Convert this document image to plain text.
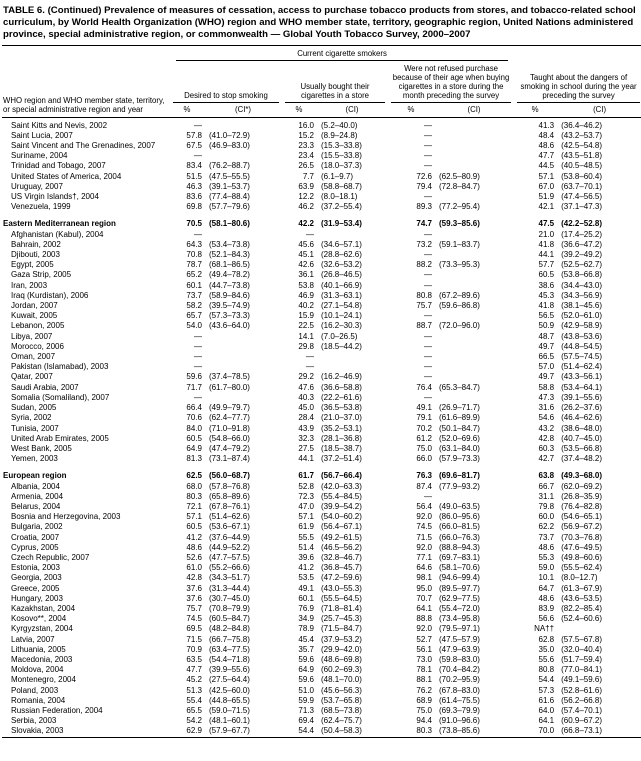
TABLE 6. (Continued) Prevalence of measures of cessation, access to purchase tobacco products from stores, and tobacco-related school curriculum, by World Health Organization (WHO) region and WHO member state, territory, geographic region, United Nations administered province, special administrative region, or commonwealth — Global Youth Tobacco Survey, 2000–2007
WHO region and WHO member state, territory, or special administrative region and year	Current cigarette smokers							

	Desired to stop smoking		Usually bought their cigarettes in a store		Were not refused purchase because of their age when buying cigarettes in a store during the month preceding the survey		Taught about the dangers of smoking in school during the year preceding the survey	

	%	(CI*)	%	(CI)	%	(CI)	%	(CI)
Saint Kitts and Nevis, 2002	—		16.0	(5.2–40.0)	—		41.3	(36.4–46.2)
Saint Lucia, 2007	57.8	(41.0–72.9)	15.2	(8.9–24.8)	—		48.4	(43.2–53.7)
Saint Vincent and The Grenadines, 2007	67.5	(46.9–83.0)	23.3	(15.3–33.8)	—		48.6	(42.5–54.8)
Suriname, 2004	—		23.4	(15.5–33.8)	—		47.7	(43.5–51.8)
Trinidad and Tobago, 2007	83.4	(76.2–88.7)	26.5	(18.0–37.3)	—		44.5	(40.5–48.5)
United States of America, 2004	51.5	(47.5–55.5)	7.7	(6.1–9.7)	72.6	(62.5–80.9)	57.1	(53.8–60.4)
Uruguay, 2007	46.3	(39.1–53.7)	63.9	(58.8–68.7)	79.4	(72.8–84.7)	67.0	(63.7–70.1)
US Virgin Islands†, 2004	83.6	(77.4–88.4)	12.2	(8.0–18.1)	—		51.9	(47.4–56.5)
Venezuela, 1999	69.8	(57.7–79.6)	46.2	(37.2–55.4)	89.3	(77.2–95.4)	42.1	(37.1–47.3)
Eastern Mediterranean region	70.5	(58.1–80.6)	42.2	(31.9–53.4)	74.7	(59.3–85.6)	47.5	(42.2–52.8)
Afghanistan (Kabul), 2004	—		—		—		21.0	(17.4–25.2)
Bahrain, 2002	64.3	(53.4–73.8)	45.6	(34.6–57.1)	73.2	(59.1–83.7)	41.8	(36.6–47.2)
Djibouti, 2003	70.8	(52.1–84.3)	45.1	(28.8–62.6)	—		44.1	(39.2–49.2)
Egypt, 2005	78.7	(68.1–86.5)	42.6	(32.6–53.2)	88.2	(73.3–95.3)	57.7	(52.5–62.7)
Gaza Strip, 2005	65.2	(49.4–78.2)	36.1	(26.8–46.5)	—		60.5	(53.8–66.8)
Iran, 2003	60.1	(44.7–73.8)	53.8	(40.1–66.9)	—		38.6	(34.4–43.0)
Iraq (Kurdistan), 2006	73.7	(58.9–84.6)	46.9	(31.3–63.1)	80.8	(67.2–89.6)	45.3	(34.3–56.9)
Jordan, 2007	58.2	(39.5–74.9)	40.2	(27.1–54.8)	75.7	(59.6–86.8)	41.8	(38.1–45.6)
Kuwait, 2005	65.7	(57.3–73.3)	15.9	(10.1–24.1)	—		56.5	(52.0–61.0)
Lebanon, 2005	54.0	(43.6–64.0)	22.5	(16.2–30.3)	88.7	(72.0–96.0)	50.9	(42.9–58.9)
Libya, 2007	—		14.1	(7.0–26.5)	—		48.7	(43.8–53.6)
Morocco, 2006	—		29.8	(18.5–44.2)	—		49.7	(44.8–54.5)
Oman, 2007	—		—		—		66.5	(57.5–74.5)
Pakistan (Islamabad), 2003	—		—		—		57.0	(51.4–62.4)
Qatar, 2007	59.6	(37.4–78.5)	29.2	(16.2–46.9)	—		49.7	(43.3–56.1)
Saudi Arabia, 2007	71.7	(61.7–80.0)	47.6	(36.6–58.8)	76.4	(65.3–84.7)	58.8	(53.4–64.1)
Somalia (Somaliland), 2007	—		40.3	(22.2–61.6)	—		47.3	(39.1–55.6)
Sudan, 2005	66.4	(49.9–79.7)	45.0	(36.5–53.8)	49.1	(26.9–71.7)	31.6	(26.2–37.6)
Syria, 2002	70.6	(62.4–77.7)	28.4	(21.0–37.0)	79.1	(61.6–89.9)	54.6	(46.4–62.6)
Tunisia, 2007	84.0	(71.0–91.8)	43.9	(35.2–53.1)	70.2	(50.1–84.7)	43.2	(38.6–48.0)
United Arab Emirates, 2005	60.5	(54.8–66.0)	32.3	(28.1–36.8)	61.2	(52.0–69.6)	42.8	(40.7–45.0)
West Bank, 2005	64.9	(47.4–79.2)	27.5	(18.5–38.7)	75.0	(63.1–84.0)	60.3	(53.5–66.8)
Yemen, 2003	81.3	(73.1–87.4)	44.1	(37.2–51.4)	66.0	(57.9–73.3)	42.7	(37.4–48.2)
European region	62.5	(56.0–68.7)	61.7	(56.7–66.4)	76.3	(69.6–81.7)	63.8	(49.3–68.0)
Albania, 2004	68.0	(57.8–76.8)	52.8	(42.0–63.3)	87.4	(77.9–93.2)	66.7	(62.0–69.2)
Armenia, 2004	80.3	(65.8–89.6)	72.3	(55.4–84.5)	—		31.1	(26.8–35.9)
Belarus, 2004	72.1	(67.8–76.1)	47.0	(39.9–54.2)	56.4	(49.0–63.5)	79.8	(76.4–82.8)
Bosnia and Herzegovina, 2003	57.1	(51.4–62.6)	57.1	(54.0–60.2)	92.0	(86.0–95.6)	60.0	(54.6–65.1)
Bulgaria, 2002	60.5	(53.6–67.1)	61.9	(56.4–67.1)	74.5	(66.0–81.5)	62.2	(56.9–67.2)
Croatia, 2007	41.2	(37.6–44.9)	55.5	(49.2–61.5)	71.5	(66.0–76.3)	73.7	(70.3–76.8)
Cyprus, 2005	48.6	(44.9–52.2)	51.4	(46.5–56.2)	92.0	(88.8–94.3)	48.6	(47.6–49.5)
Czech Republic, 2007	52.6	(47.7–57.5)	39.6	(32.8–46.7)	77.1	(69.7–83.1)	55.3	(49.8–60.6)
Estonia, 2003	61.0	(55.2–66.6)	41.2	(36.8–45.7)	64.6	(58.1–70.6)	59.0	(55.5–62.4)
Georgia, 2003	42.8	(34.3–51.7)	53.5	(47.2–59.6)	98.1	(94.6–99.4)	10.1	(8.0–12.7)
Greece, 2005	37.6	(31.3–44.4)	49.1	(43.0–55.3)	95.0	(89.5–97.7)	64.7	(61.3–67.9)
Hungary, 2003	37.6	(30.7–45.0)	60.1	(55.5–64.5)	70.7	(62.9–77.5)	48.6	(43.6–53.5)
Kazakhstan, 2004	75.7	(70.8–79.9)	76.9	(71.8–81.4)	64.1	(55.4–72.0)	83.9	(82.2–85.4)
Kosovo**, 2004	74.5	(60.5–84.7)	34.9	(25.7–45.3)	88.8	(73.4–95.8)	56.6	(52.4–60.6)
Kyrgyzstan, 2004	69.5	(48.2–84.8)	78.9	(71.5–84.7)	92.0	(79.5–97.1)	NA††	
Latvia, 2007	71.5	(66.7–75.8)	45.4	(37.9–53.2)	52.7	(47.5–57.9)	62.8	(57.5–67.8)
Lithuania, 2005	70.9	(63.4–77.5)	35.7	(29.9–42.0)	56.1	(47.9–63.9)	35.0	(32.0–40.4)
Macedonia, 2003	63.5	(54.4–71.8)	59.6	(48.6–69.8)	73.0	(59.8–83.0)	55.6	(51.7–59.4)
Moldova, 2004	47.7	(39.9–55.6)	64.9	(60.2–69.3)	78.1	(70.4–84.2)	80.8	(77.0–84.1)
Montenegro, 2004	45.2	(27.5–64.4)	59.6	(48.1–70.0)	88.1	(70.2–95.9)	54.4	(49.1–59.6)
Poland, 2003	51.3	(42.5–60.0)	51.0	(45.6–56.3)	76.2	(67.8–83.0)	57.3	(52.8–61.6)
Romania, 2004	55.4	(44.8–65.5)	59.9	(53.7–65.8)	68.9	(61.4–75.5)	61.6	(56.2–66.8)
Russian Federation, 2004	65.5	(59.0–71.5)	71.3	(68.5–73.8)	75.0	(69.3–79.9)	64.0	(57.4–70.1)
Serbia, 2003	54.2	(48.1–60.1)	69.4	(62.4–75.7)	94.4	(91.0–96.6)	64.1	(60.9–67.2)
Slovakia, 2003	62.9	(57.9–67.7)	54.4	(50.4–58.3)	80.3	(73.8–85.6)	70.0	(66.8–73.1)
